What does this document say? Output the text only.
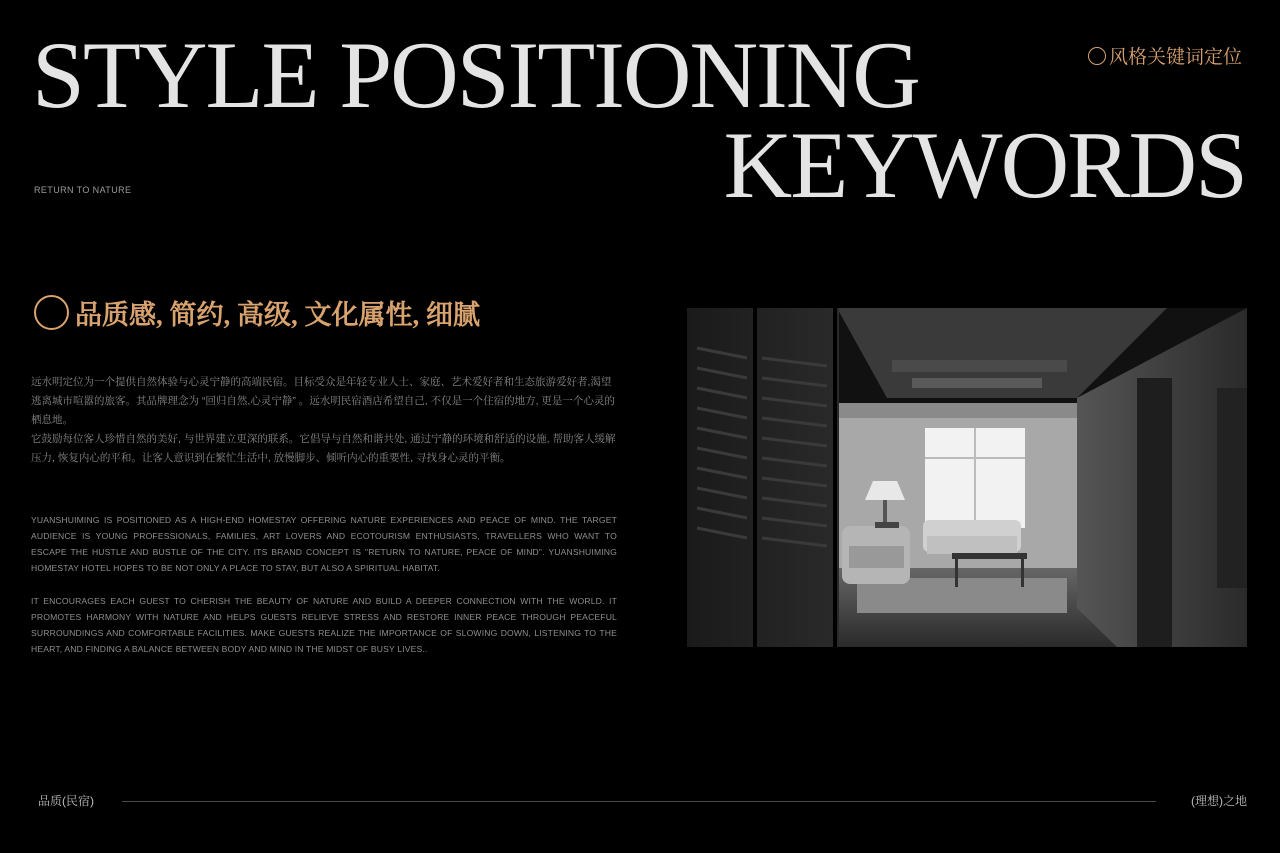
STYLE POSITIONING
KEYWORDS
风格关键词定位
RETURN TO NATURE
品质感, 简约, 高级, 文化属性, 细腻

远水明定位为一个提供自然体验与心灵宁静的高端民宿。目标受众是年轻专业人士、家庭、艺术爱好者和生态旅游爱好者,渴望逃离城市喧嚣的旅客。其品牌理念为 “回归自然,心灵宁静” 。远水明民宿酒店希望自己, 不仅是一个住宿的地方, 更是一个心灵的栖息地。

它鼓励每位客人珍惜自然的美好, 与世界建立更深的联系。它倡导与自然和谐共处, 通过宁静的环境和舒适的设施, 帮助客人缓解压力, 恢复内心的平和。让客人意识到在繁忙生活中, 放慢脚步、倾听内心的重要性, 寻找身心灵的平衡。

YUANSHUIMING IS POSITIONED AS A HIGH-END HOMESTAY OFFERING NATURE EXPERIENCES AND PEACE OF MIND. THE TARGET AUDIENCE IS YOUNG PROFESSIONALS, FAMILIES, ART LOVERS AND ECOTOURISM ENTHUSIASTS, TRAVELLERS WHO WANT TO ESCAPE THE HUSTLE AND BUSTLE OF THE CITY. ITS BRAND CONCEPT IS "RETURN TO NATURE, PEACE OF MIND". YUANSHUIMING HOMESTAY HOTEL HOPES TO BE NOT ONLY A PLACE TO STAY, BUT ALSO A SPIRITUAL HABITAT.

IT ENCOURAGES EACH GUEST TO CHERISH THE BEAUTY OF NATURE AND BUILD A DEEPER CONNECTION WITH THE WORLD. IT PROMOTES HARMONY WITH NATURE AND HELPS GUESTS RELIEVE STRESS AND RESTORE INNER PEACE THROUGH PEACEFUL SURROUNDINGS AND COMFORTABLE FACILITIES. MAKE GUESTS REALIZE THE IMPORTANCE OF SLOWING DOWN, LISTENING TO THE HEART, AND FINDING A BALANCE BETWEEN BODY AND MIND IN THE MIDST OF BUSY LIVES..

品质(民宿)	(理想)之地
